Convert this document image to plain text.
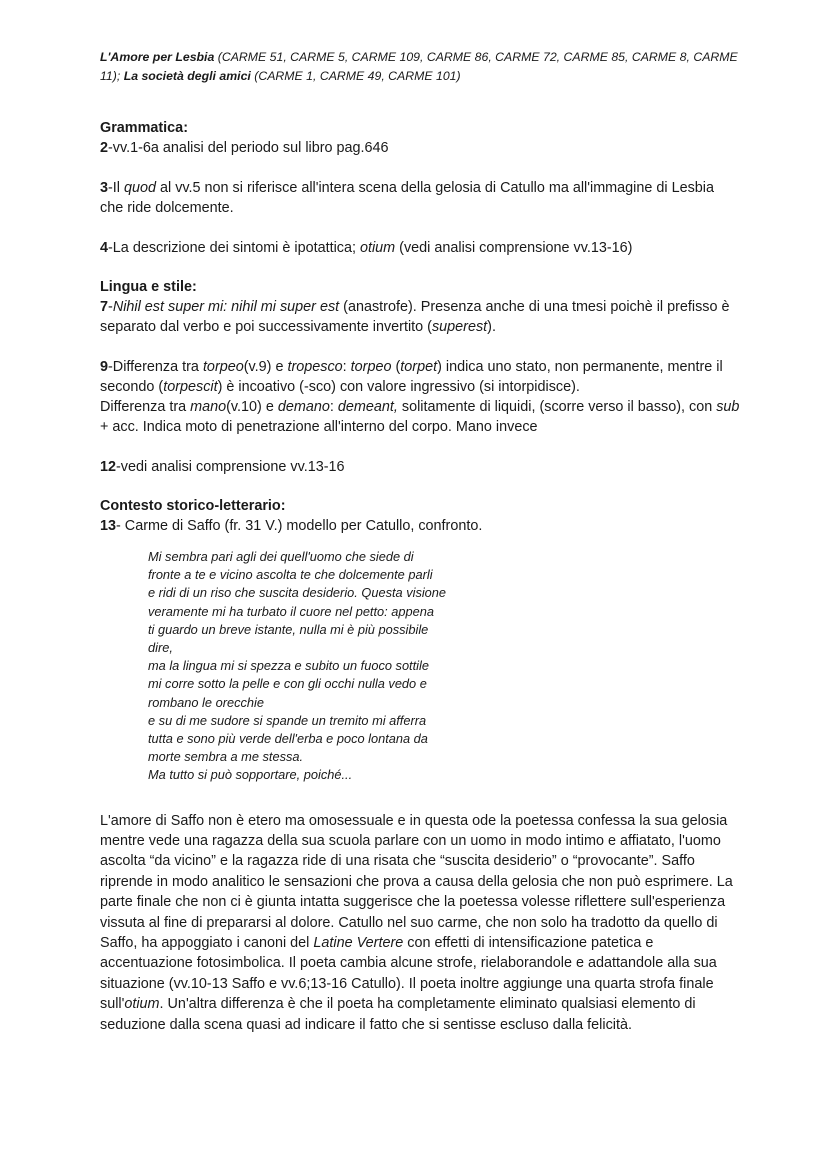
L'Amore per Lesbia (CARME 51, CARME 5, CARME 109, CARME 86, CARME 72, CARME 85, CARME 8, CARME 11); La società degli amici (CARME 1, CARME 49, CARME 101)

Grammatica:

2-vv.1-6a analisi del periodo sul libro pag.646

3-Il quod al vv.5 non si riferisce all'intera scena della gelosia di Catullo ma all'immagine di Lesbia che ride dolcemente.

4-La descrizione dei sintomi è ipotattica; otium (vedi analisi comprensione vv.13-16)

Lingua e stile:

7-Nihil est super mi: nihil mi super est (anastrofe). Presenza anche di una tmesi poichè il prefisso è separato dal verbo e poi successivamente invertito (superest).

9-Differenza tra torpeo(v.9) e tropesco: torpeo (torpet) indica uno stato, non permanente, mentre il secondo (torpescit) è incoativo (-sco) con valore ingressivo (si intorpidisce).
Differenza tra mano(v.10) e demano: demeant, solitamente di liquidi, (scorre verso il basso), con sub + acc. Indica moto di penetrazione all'interno del corpo. Mano invece

12-vedi analisi comprensione vv.13-16

Contesto storico-letterario:

13- Carme di Saffo (fr. 31 V.) modello per Catullo, confronto.

Mi sembra pari agli dei quell'uomo che siede di
fronte a te e vicino ascolta te che dolcemente parli
e ridi di un riso che suscita desiderio. Questa visione
veramente mi ha turbato il cuore nel petto: appena
ti guardo un breve istante, nulla mi è più possibile
dire,
ma la lingua mi si spezza e subito un fuoco sottile
mi corre sotto la pelle e con gli occhi nulla vedo e
rombano le orecchie
e su di me sudore si spande un tremito mi afferra
tutta e sono più verde dell'erba e poco lontana da
morte sembra a me stessa.
Ma tutto si può sopportare, poiché...

L'amore di Saffo non è etero ma omosessuale e in questa ode la poetessa confessa la sua gelosia mentre vede una ragazza della sua scuola parlare con un uomo in modo intimo e affiatato, l'uomo ascolta “da vicino” e la ragazza ride di una risata che “suscita desiderio” o “provocante”. Saffo riprende in modo analitico le sensazioni che prova a causa della gelosia che non può esprimere. La parte finale che non ci è giunta intatta suggerisce che la poetessa volesse riflettere sull'esperienza vissuta al fine di prepararsi al dolore. Catullo nel suo carme, che non solo ha tradotto da quello di Saffo, ha appoggiato i canoni del Latine Vertere con effetti di intensificazione patetica e accentuazione fotosimbolica. Il poeta cambia alcune strofe, rielaborandole e adattandole alla sua situazione (vv.10-13 Saffo e vv.6;13-16 Catullo). Il poeta inoltre aggiunge una quarta strofa finale sull'otium. Un'altra differenza è che il poeta ha completamente eliminato qualsiasi elemento di seduzione dalla scena quasi ad indicare il fatto che si sentisse escluso dalla felicità.
